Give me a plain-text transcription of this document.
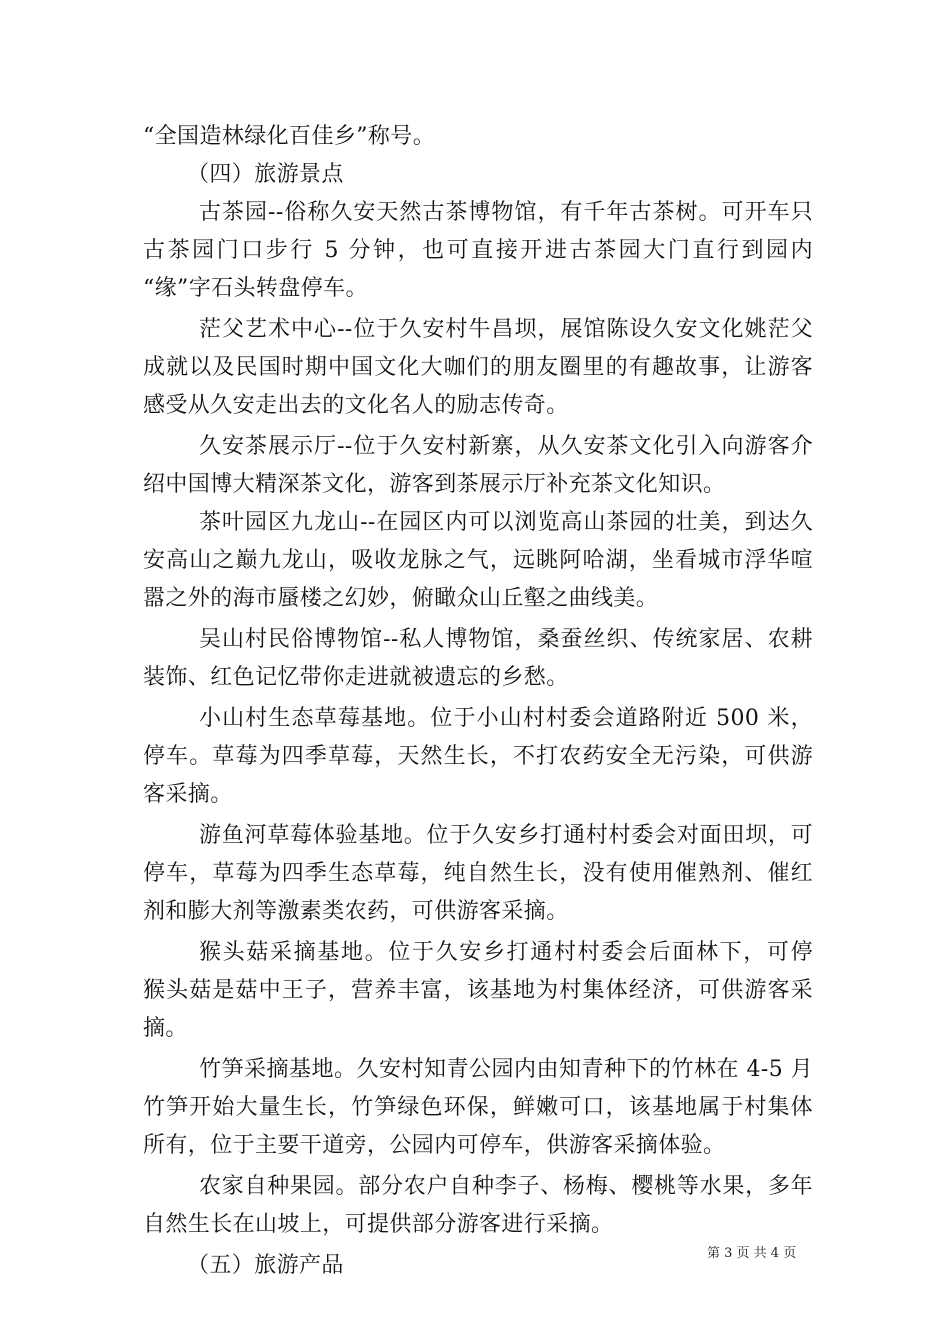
“全国造林绿化百佳乡”称号。
（四）旅游景点
古茶园--俗称久安天然古茶博物馆，有千年古茶树。可开车只
古茶园门口步行 5 分钟，也可直接开进古茶园大门直行到园内
“缘”字石头转盘停车。
茫父艺术中心--位于久安村牛昌坝，展馆陈设久安文化姚茫父
成就以及民国时期中国文化大咖们的朋友圈里的有趣故事，让游客
感受从久安走出去的文化名人的励志传奇。
久安茶展示厅--位于久安村新寨，从久安茶文化引入向游客介
绍中国博大精深茶文化，游客到茶展示厅补充茶文化知识。
茶叶园区九龙山--在园区内可以浏览高山茶园的壮美，到达久
安高山之巅九龙山，吸收龙脉之气，远眺阿哈湖，坐看城市浮华喧
嚣之外的海市蜃楼之幻妙，俯瞰众山丘壑之曲线美。
吴山村民俗博物馆--私人博物馆，桑蚕丝织、传统家居、农耕
装饰、红色记忆带你走进就被遗忘的乡愁。
小山村生态草莓基地。位于小山村村委会道路附近 500 米，
停车。草莓为四季草莓，天然生长，不打农药安全无污染，可供游
客采摘。
游鱼河草莓体验基地。位于久安乡打通村村委会对面田坝，可
停车，草莓为四季生态草莓，纯自然生长，没有使用催熟剂、催红
剂和膨大剂等激素类农药，可供游客采摘。
猴头菇采摘基地。位于久安乡打通村村委会后面林下，可停
猴头菇是菇中王子，营养丰富，该基地为村集体经济，可供游客采
摘。
竹笋采摘基地。久安村知青公园内由知青种下的竹林在 4-5 月
竹笋开始大量生长，竹笋绿色环保，鲜嫩可口，该基地属于村集体
所有，位于主要干道旁，公园内可停车，供游客采摘体验。
农家自种果园。部分农户自种李子、杨梅、樱桃等水果，多年
自然生长在山坡上，可提供部分游客进行采摘。
（五）旅游产品	第 3 页 共 4 页
